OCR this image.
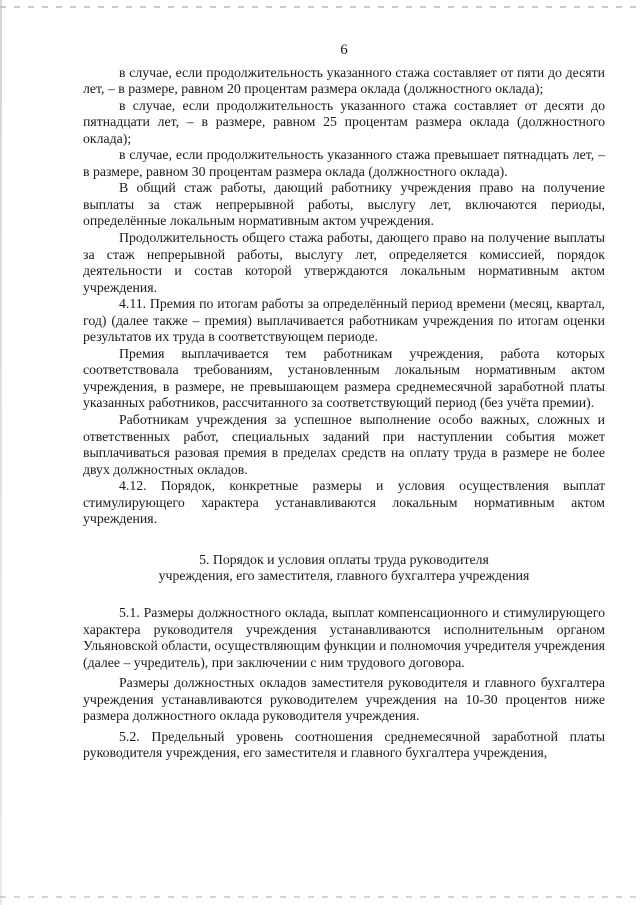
6

в случае, если продолжительность указанного стажа составляет от пяти до десяти лет, – в размере, равном 20 процентам размера оклада (должностного оклада);

в случае, если продолжительность указанного стажа составляет от десяти до пятнадцати лет, – в размере, равном 25 процентам размера оклада (должностного оклада);

в случае, если продолжительность указанного стажа превышает пятнадцать лет, – в размере, равном 30 процентам размера оклада (должностного оклада).

В общий стаж работы, дающий работнику учреждения право на получение выплаты за стаж непрерывной работы, выслугу лет, включаются периоды, определённые локальным нормативным актом учреждения.

Продолжительность общего стажа работы, дающего право на получение выплаты за стаж непрерывной работы, выслугу лет, определяется комиссией, порядок деятельности и состав которой утверждаются локальным нормативным актом учреждения.

4.11. Премия по итогам работы за определённый период времени (месяц, квартал, год) (далее также – премия) выплачивается работникам учреждения по итогам оценки результатов их труда в соответствующем периоде.

Премия выплачивается тем работникам учреждения, работа которых соответствовала требованиям, установленным локальным нормативным актом учреждения, в размере, не превышающем размера среднемесячной заработной платы указанных работников, рассчитанного за соответствующий период (без учёта премии).

Работникам учреждения за успешное выполнение особо важных, сложных и ответственных работ, специальных заданий при наступлении события может выплачиваться разовая премия в пределах средств на оплату труда в размере не более двух должностных окладов.

4.12. Порядок, конкретные размеры и условия осуществления выплат стимулирующего характера устанавливаются локальным нормативным актом учреждения.

5. Порядок и условия оплаты труда руководителя
учреждения, его заместителя, главного бухгалтера учреждения

5.1. Размеры должностного оклада, выплат компенсационного и стимулирующего характера руководителя учреждения устанавливаются исполнительным органом Ульяновской области, осуществляющим функции и полномочия учредителя учреждения (далее – учредитель), при заключении с ним трудового договора.

Размеры должностных окладов заместителя руководителя и главного бухгалтера учреждения устанавливаются руководителем учреждения на 10-30 процентов ниже размера должностного оклада руководителя учреждения.

5.2. Предельный уровень соотношения среднемесячной заработной платы руководителя учреждения, его заместителя и главного бухгалтера учреждения,
